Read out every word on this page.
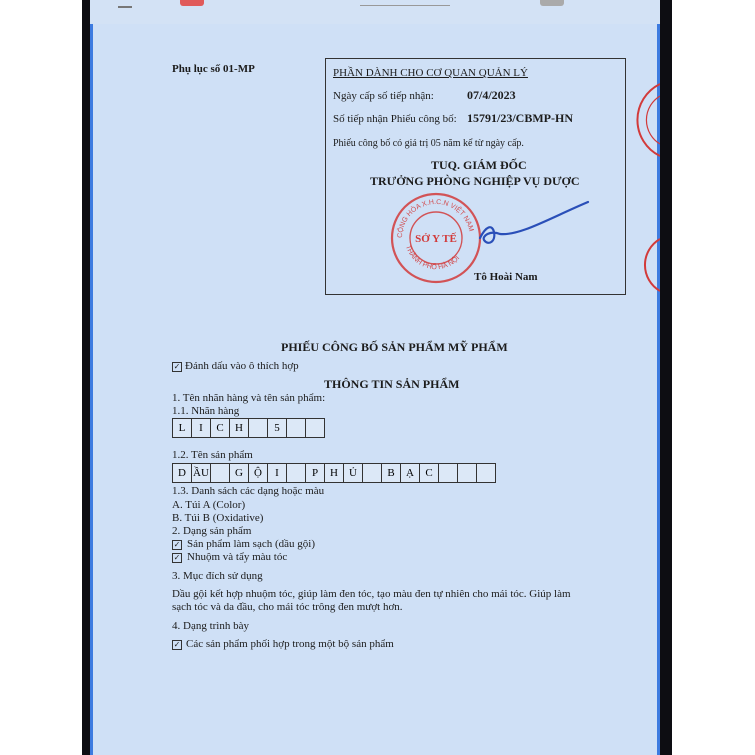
Phụ lục số 01-MP	PHẦN DÀNH CHO CƠ QUAN QUẢN LÝ
Ngày cấp số tiếp nhận:	07/4/2023
Số tiếp nhận Phiếu công bố: 15791/23/CBMP-HN
Phiếu công bố có giá trị 05 năm kể từ ngày cấp.
TUQ. GIÁM ĐỐC
TRƯỞNG PHÒNG NGHIỆP VỤ DƯỢC
Tô Hoài Nam
CỘNG HÒA X.H.C.N VIỆT NAM
THÀNH PHỐ HÀ NỘI
SỞ Y TẾ
PHIẾU CÔNG BỐ SẢN PHẨM MỸ PHẨM
✓ Đánh dấu vào ô thích hợp
THÔNG TIN SẢN PHẨM
1. Tên nhãn hàng và tên sản phẩm:
1.1. Nhãn hàng
L	I	C	H	5
1.2. Tên sản phẩm
D ẦU	G	Ộ	I	P	H	Ủ	B	Ạ	C
1.3. Danh sách các dạng hoặc màu
A. Túi A (Color)
B. Túi B (Oxidative)
2. Dạng sản phẩm
✓ Sản phẩm làm sạch (dầu gội)
✓ Nhuộm và tẩy màu tóc
3. Mục đích sử dụng
Dầu gội kết hợp nhuộm tóc, giúp làm đen tóc, tạo màu đen tự nhiên cho mái tóc. Giúp làm
sạch tóc và da đầu, cho mái tóc trông đen mượt hơn.
4. Dạng trình bày
✓ Các sản phẩm phối hợp trong một bộ sản phẩm
